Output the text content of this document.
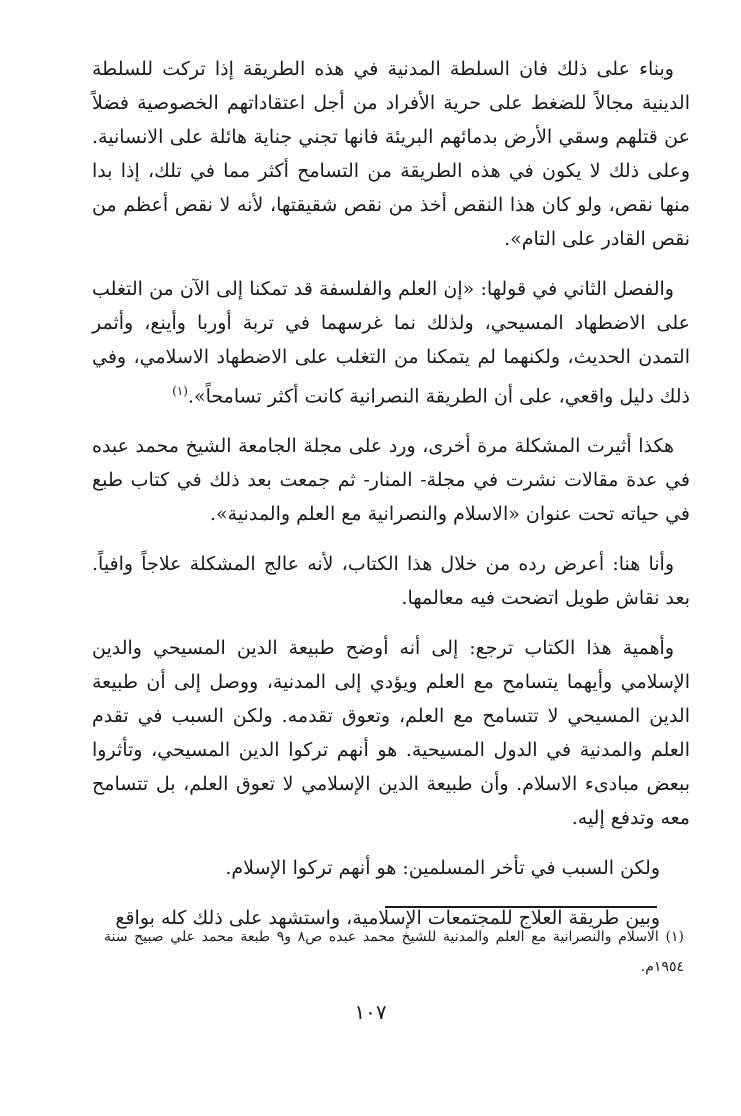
وبناء على ذلك فان السلطة المدنية في هذه الطريقة إذا تركت للسلطة الدينية مجالاً للضغط على حرية الأفراد من أجل اعتقاداتهم الخصوصية فضلاً عن قتلهم وسقي الأرض بدمائهم البريئة فانها تجني جناية هائلة على الانسانية. وعلى ذلك لا يكون في هذه الطريقة من التسامح أكثر مما في تلك، إذا بدا منها نقص، ولو كان هذا النقص أخذ من نقص شقيقتها، لأنه لا نقص أعظم من نقص القادر على التام».

والفصل الثاني في قولها: «إن العلم والفلسفة قد تمكنا إلى الآن من التغلب على الاضطهاد المسيحي، ولذلك نما غرسهما في تربة أوربا وأينع، وأثمر التمدن الحديث، ولكنهما لم يتمكنا من التغلب على الاضطهاد الاسلامي، وفي ذلك دليل واقعي، على أن الطريقة النصرانية كانت أكثر تسامحاً».$^{(١)}$

هكذا أثيرت المشكلة مرة أخرى، ورد على مجلة الجامعة الشيخ محمد عبده في عدة مقالات نشرت في مجلة- المنار- ثم جمعت بعد ذلك في كتاب طبع في حياته تحت عنوان «الاسلام والنصرانية مع العلم والمدنية».

وأنا هنا: أعرض رده من خلال هذا الكتاب، لأنه عالج المشكلة علاجاً وافياً. بعد نقاش طويل اتضحت فيه معالمها.

وأهمية هذا الكتاب ترجع: إلى أنه أوضح طبيعة الدين المسيحي والدين الإسلامي وأيهما يتسامح مع العلم ويؤدي إلى المدنية، ووصل إلى أن طبيعة الدين المسيحي لا تتسامح مع العلم، وتعوق تقدمه. ولكن السبب في تقدم العلم والمدنية في الدول المسيحية. هو أنهم تركوا الدين المسيحي، وتأثروا ببعض مبادىء الاسلام. وأن طبيعة الدين الإسلامي لا تعوق العلم، بل تتسامح معه وتدفع إليه.

ولكن السبب في تأخر المسلمين: هو أنهم تركوا الإسلام.

وبين طريقة العلاج للمجتمعات الإسلامية، واستشهد على ذلك كله بواقع

(١) الاسلام والنصرانية مع العلم والمدنية للشيخ محمد عبده ص٨ و٩ طبعة محمد علي صبيح سنة ١٩٥٤م.
١٠٧
